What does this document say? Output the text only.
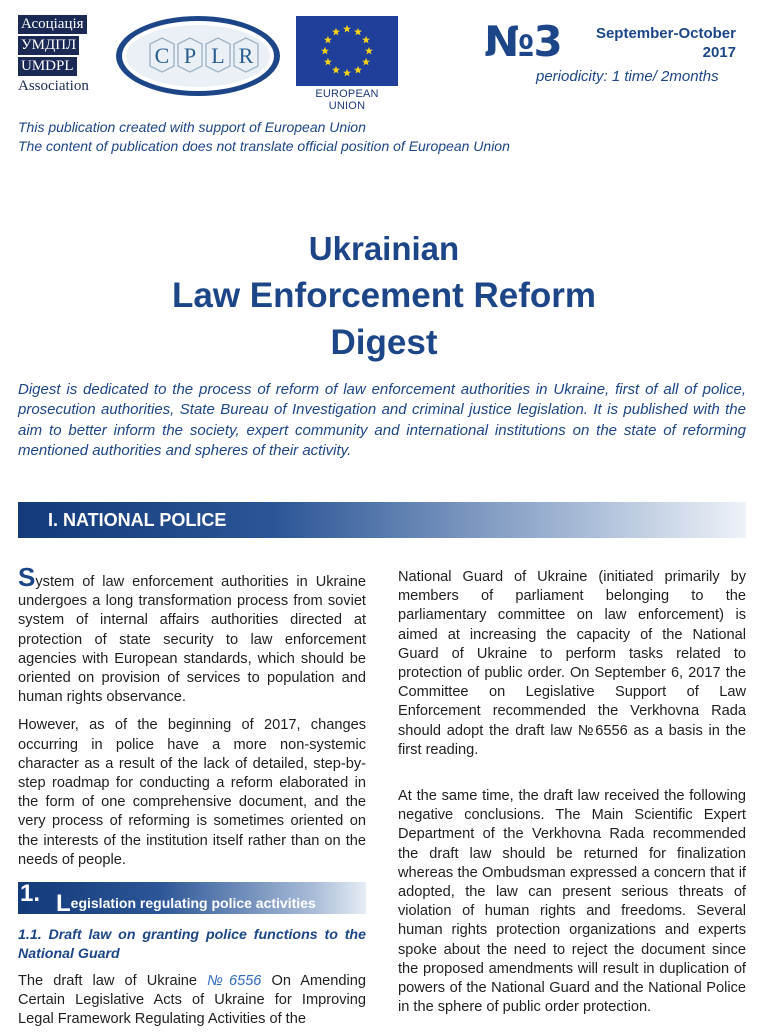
Асоціація
УМДПЛ
UMDPL

Association
C P L R
EUROPEAN UNION
№3 September-October
2017
periodicity: 1 time/ 2months
This publication created with support of European Union
The content of publication does not translate official position of European Union
Ukrainian
Law Enforcement Reform
Digest
Digest is dedicated to the process of reform of law enforcement authorities in Ukraine, first of all of police, prosecution authorities, State Bureau of Investigation and criminal justice legislation. It is published with the aim to better inform the society, expert community and international institutions on the state of reforming mentioned authorities and spheres of their activity.
I. NATIONAL POLICE

System of law enforcement authorities in Ukraine undergoes a long transformation process from soviet system of internal affairs authorities directed at protection of state security to law enforcement agencies with European standards, which should be oriented on provision of services to population and human rights observance.

However, as of the beginning of 2017, changes occurring in police have a more non-systemic character as a result of the lack of detailed, step-by-step roadmap for conducting a reform elaborated in the form of one comprehensive document, and the very process of reforming is sometimes oriented on the interests of the institution itself rather than on the needs of people.

1. Legislation regulating police activities
1.1. Draft law on granting police functions to the National Guard

The draft law of Ukraine №6556 On Amending Certain Legislative Acts of Ukraine for Improving Legal Framework Regulating Activities of the

National Guard of Ukraine (initiated primarily by members of parliament belonging to the parliamentary committee on law enforcement) is aimed at increasing the capacity of the National Guard of Ukraine to perform tasks related to protection of public order. On September 6, 2017 the Committee on Legislative Support of Law Enforcement recommended the Verkhovna Rada should adopt the draft law №6556 as a basis in the first reading.

At the same time, the draft law received the following negative conclusions. The Main Scientific Expert Department of the Verkhovna Rada recommended the draft law should be returned for finalization whereas the Ombudsman expressed a concern that if adopted, the law can present serious threats of violation of human rights and freedoms. Several human rights protection organizations and experts spoke about the need to reject the document since the proposed amendments will result in duplication of powers of the National Guard and the National Police in the sphere of public order protection.
